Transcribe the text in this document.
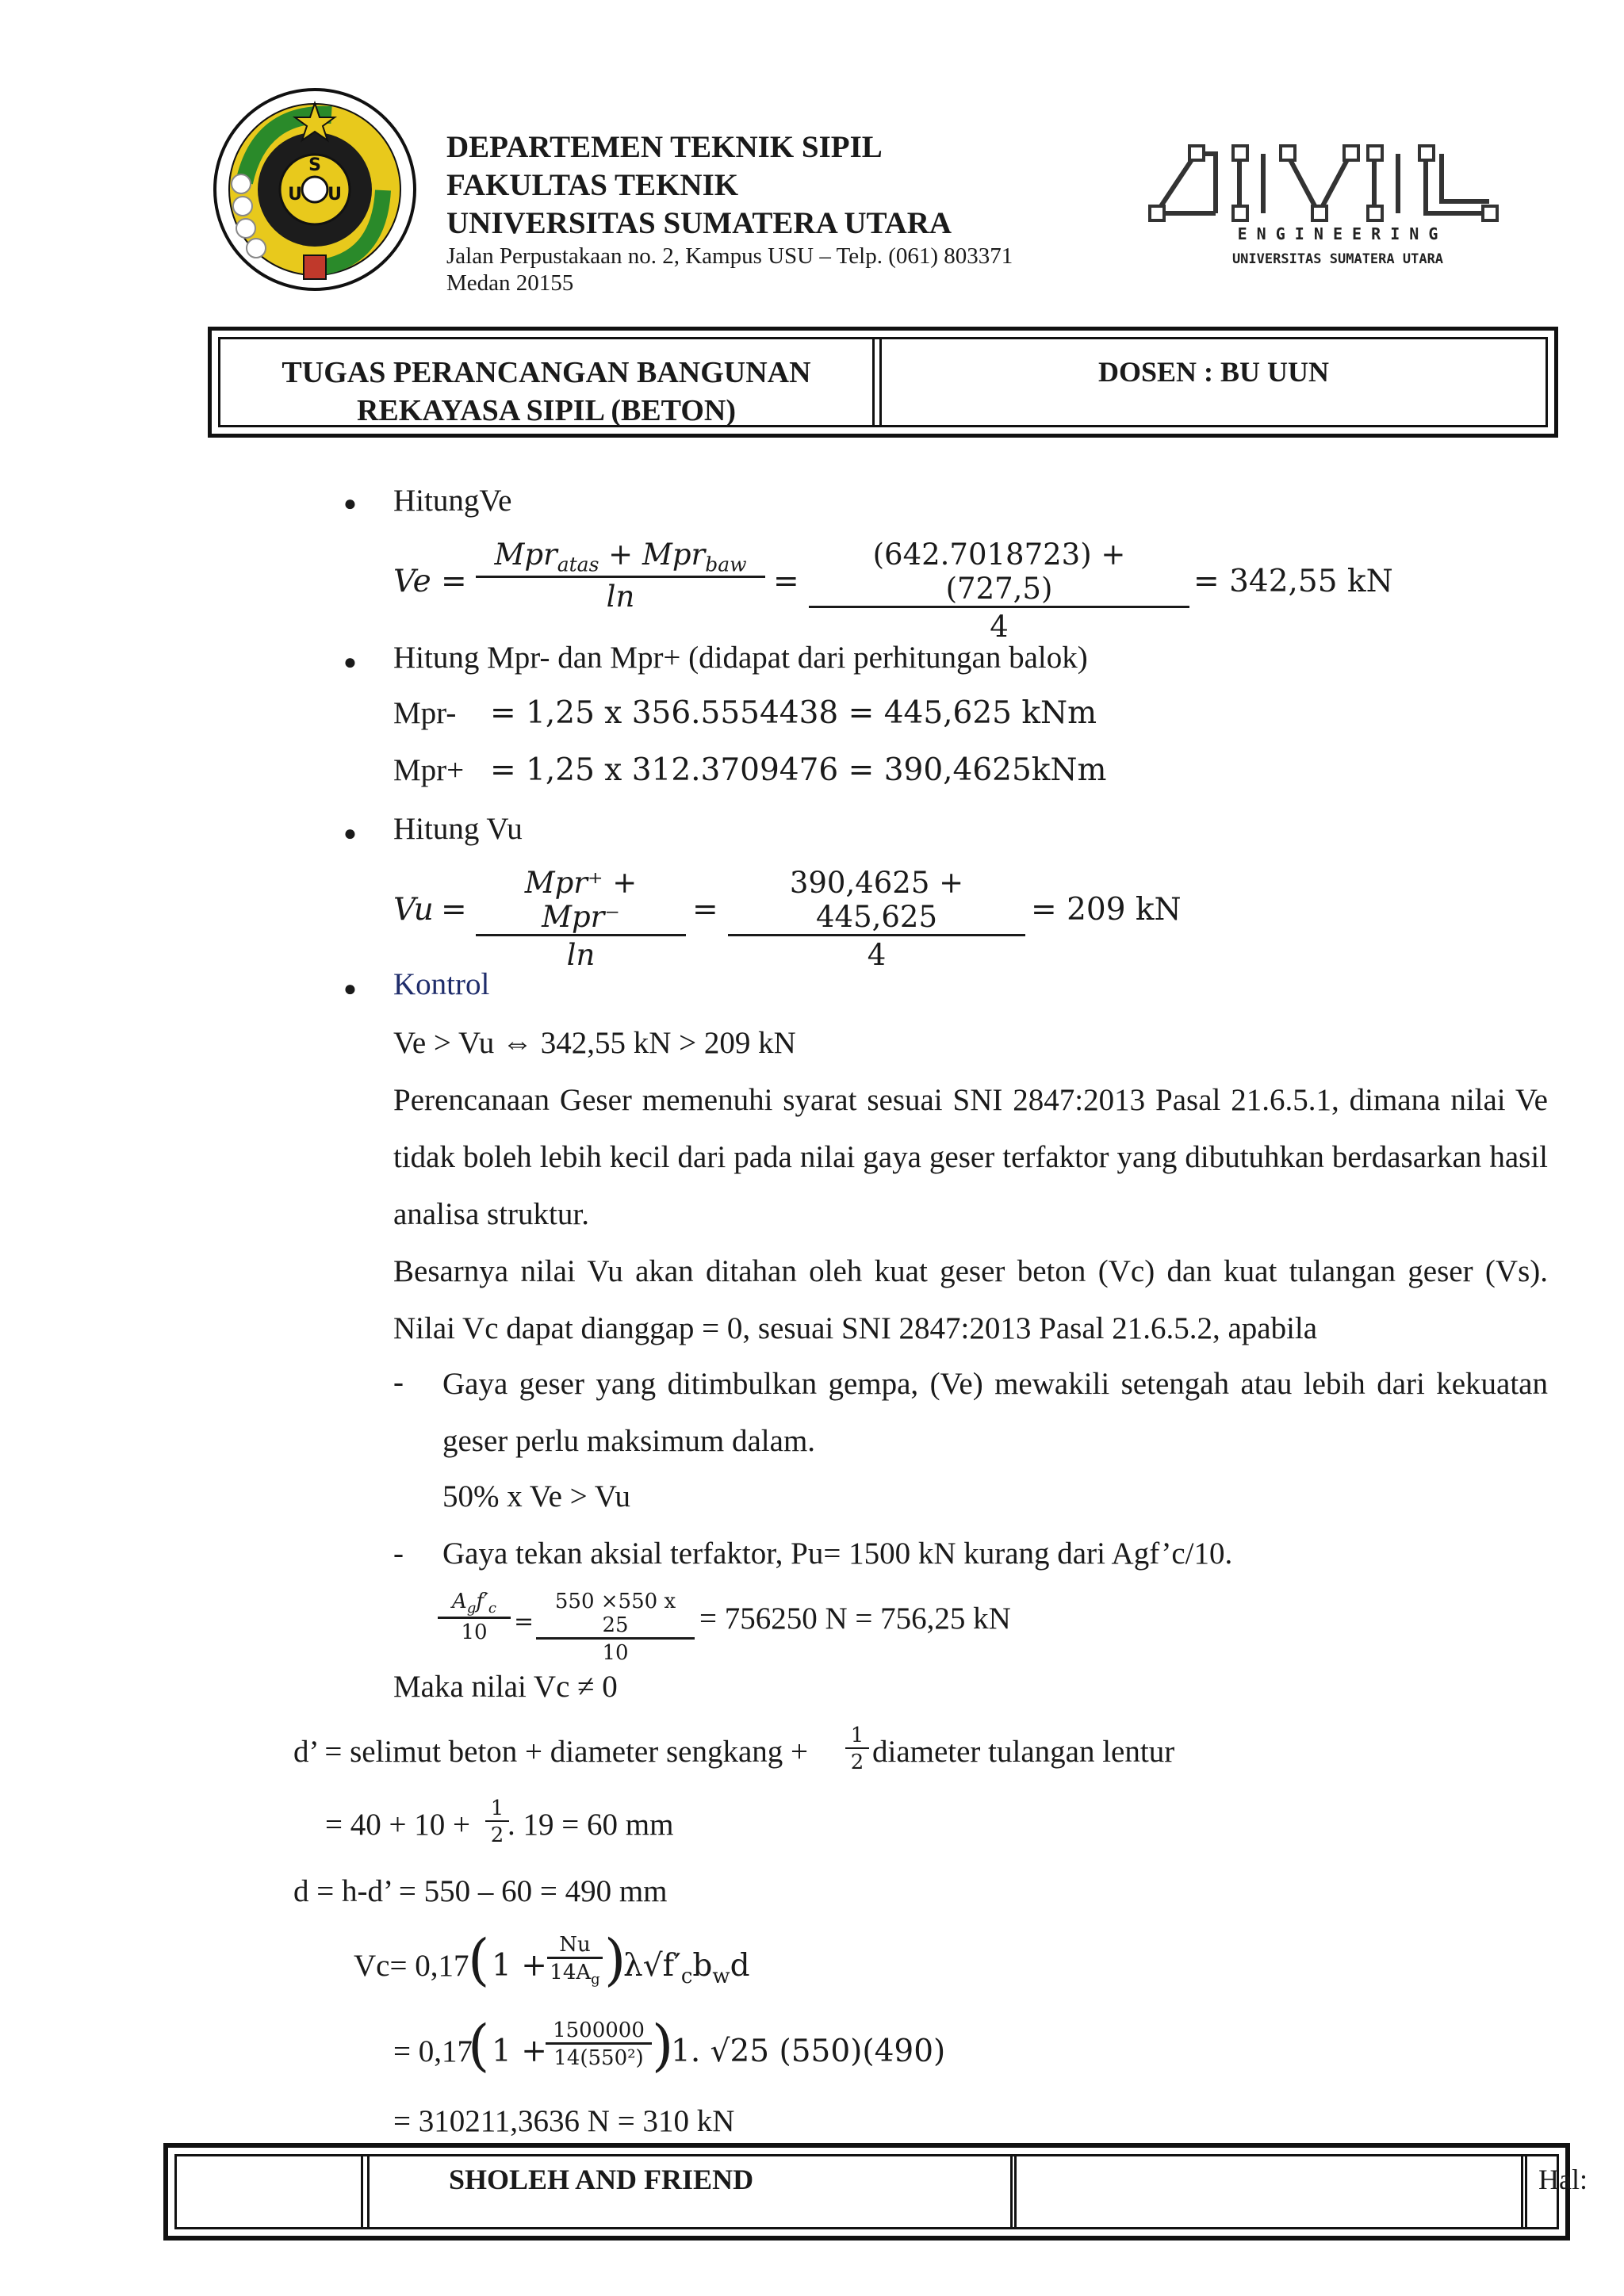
S
U U
DEPARTEMEN TEKNIK SIPIL
FAKULTAS TEKNIK
UNIVERSITAS SUMATERA UTARA
Jalan Perpustakaan no. 2, Kampus USU – Telp. (061) 803371
Medan 20155
E N G I N E E R I N G
UNIVERSITAS SUMATERA UTARA
TUGAS PERANCANGAN BANGUNAN
REKAYASA SIPIL (BETON)
DOSEN : BU UUN
● HitungVe
Ve =
Mpr$_{atas}$ + Mpr$_{baw}$
ln	= $\frac{(642.7018723) + (727,5)}{4} = 342,55$ kN
● Hitung Mpr- dan Mpr+ (didapat dari perhitungan balok)
Mpr- = 1,25 x 356.5554438 = 445,625 kNm
Mpr+ = 1,25 x 312.3709476 = 390,4625kNm
● Hitung Vu
Vu =
Mpr⁺ + Mpr⁻
ln
= $\frac{390,4625 + 445,625}{4} = 209$ kN
● Kontrol
Ve > Vu ⇔ 342,55 kN > 209 kN
Perencanaan Geser memenuhi syarat sesuai SNI 2847:2013 Pasal 21.6.5.1, dimana nilai Ve tidak boleh lebih kecil dari pada nilai gaya geser terfaktor yang dibutuhkan berdasarkan hasil analisa struktur.
Besarnya nilai Vu akan ditahan oleh kuat geser beton (Vc) dan kuat tulangan geser (Vs). Nilai Vc dapat dianggap = 0, sesuai SNI 2847:2013 Pasal 21.6.5.2, apabila
- Gaya geser yang ditimbulkan gempa, (Ve) mewakili setengah atau lebih dari kekuatan geser perlu maksimum dalam.
50% x Ve > Vu
- Gaya tekan aksial terfaktor, Pu= 1500 kN kurang dari Agf’c/10.
$A_gf'_c$
10	= $\frac{550 \times 550 x 25}{10} = 756250$ N = 756,25 kN
Maka nilai Vc ≠ 0
d’ = selimut beton + diameter sengkang + $\frac{1}{2}$ diameter tulangan lentur
= $40 + 10 + \frac{1}{2}$
. 19 = 60 mm
d = h-d’ = 550 – 60 = 490 mm
Vc= 0,17
( $1 + \frac{Nu}{14A_g}$ )
$\lambda√f'_cb_wd$
= 0,17
( 1 +
$\frac{1500000}{\text{14(550²)}}$ )
1. √25 (550)(490)
= 310211,3636 N = 310 kN
SHOLEH AND FRIEND	Hal:
